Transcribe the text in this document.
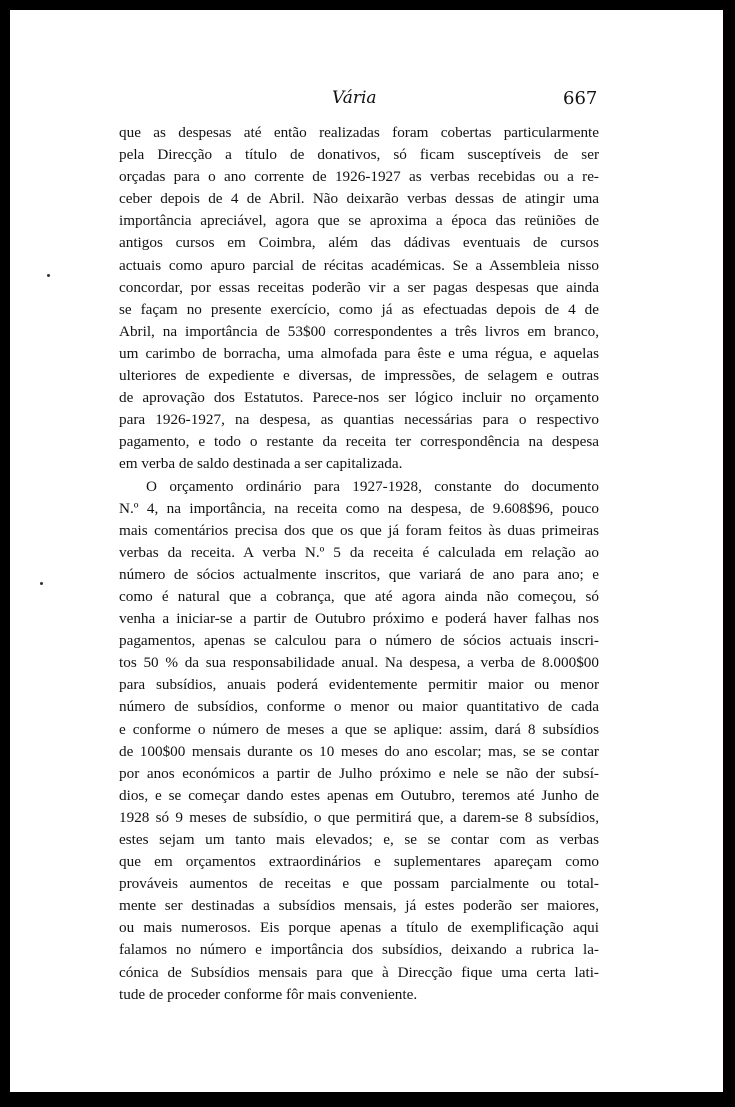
Vária	667
que as despesas até então realizadas foram cobertas particularmente
pela Direcção a título de donativos, só ficam susceptíveis de ser
orçadas para o ano corrente de 1926-1927 as verbas recebidas ou a re-
ceber depois de 4 de Abril. Não deixarão verbas dessas de atingir uma
importância apreciável, agora que se aproxima a época das reüniões de
antigos cursos em Coimbra, além das dádivas eventuais de cursos
actuais como apuro parcial de récitas académicas. Se a Assembleia nisso
concordar, por essas receitas poderão vir a ser pagas despesas que ainda
se façam no presente exercício, como já as efectuadas depois de 4 de
Abril, na importância de 53$00 correspondentes a três livros em branco,
um carimbo de borracha, uma almofada para êste e uma régua, e aquelas
ulteriores de expediente e diversas, de impressões, de selagem e outras
de aprovação dos Estatutos. Parece-nos ser lógico incluir no orçamento
para 1926-1927, na despesa, as quantias necessárias para o respectivo
pagamento, e todo o restante da receita ter correspondência na despesa
em verba de saldo destinada a ser capitalizada.
O orçamento ordinário para 1927-1928, constante do documento
N.º 4, na importância, na receita como na despesa, de 9.608$96, pouco
mais comentários precisa dos que os que já foram feitos às duas primeiras
verbas da receita. A verba N.º 5 da receita é calculada em relação ao
número de sócios actualmente inscritos, que variará de ano para ano; e
como é natural que a cobrança, que até agora ainda não começou, só
venha a iniciar-se a partir de Outubro próximo e poderá haver falhas nos
pagamentos, apenas se calculou para o número de sócios actuais inscri-
tos 50 % da sua responsabilidade anual. Na despesa, a verba de 8.000$00
para subsídios, anuais poderá evidentemente permitir maior ou menor
número de subsídios, conforme o menor ou maior quantitativo de cada
e conforme o número de meses a que se aplique: assim, dará 8 subsídios
de 100$00 mensais durante os 10 meses do ano escolar; mas, se se contar
por anos económicos a partir de Julho próximo e nele se não der subsí-
dios, e se começar dando estes apenas em Outubro, teremos até Junho de
1928 só 9 meses de subsídio, o que permitirá que, a darem-se 8 subsídios,
estes sejam um tanto mais elevados; e, se se contar com as verbas
que em orçamentos extraordinários e suplementares apareçam como
prováveis aumentos de receitas e que possam parcialmente ou total-
mente ser destinadas a subsídios mensais, já estes poderão ser maiores,
ou mais numerosos. Eis porque apenas a título de exemplificação aqui
falamos no número e importância dos subsídios, deixando a rubrica la-
cónica de Subsídios mensais para que à Direcção fique uma certa lati-
tude de proceder conforme fôr mais conveniente.
